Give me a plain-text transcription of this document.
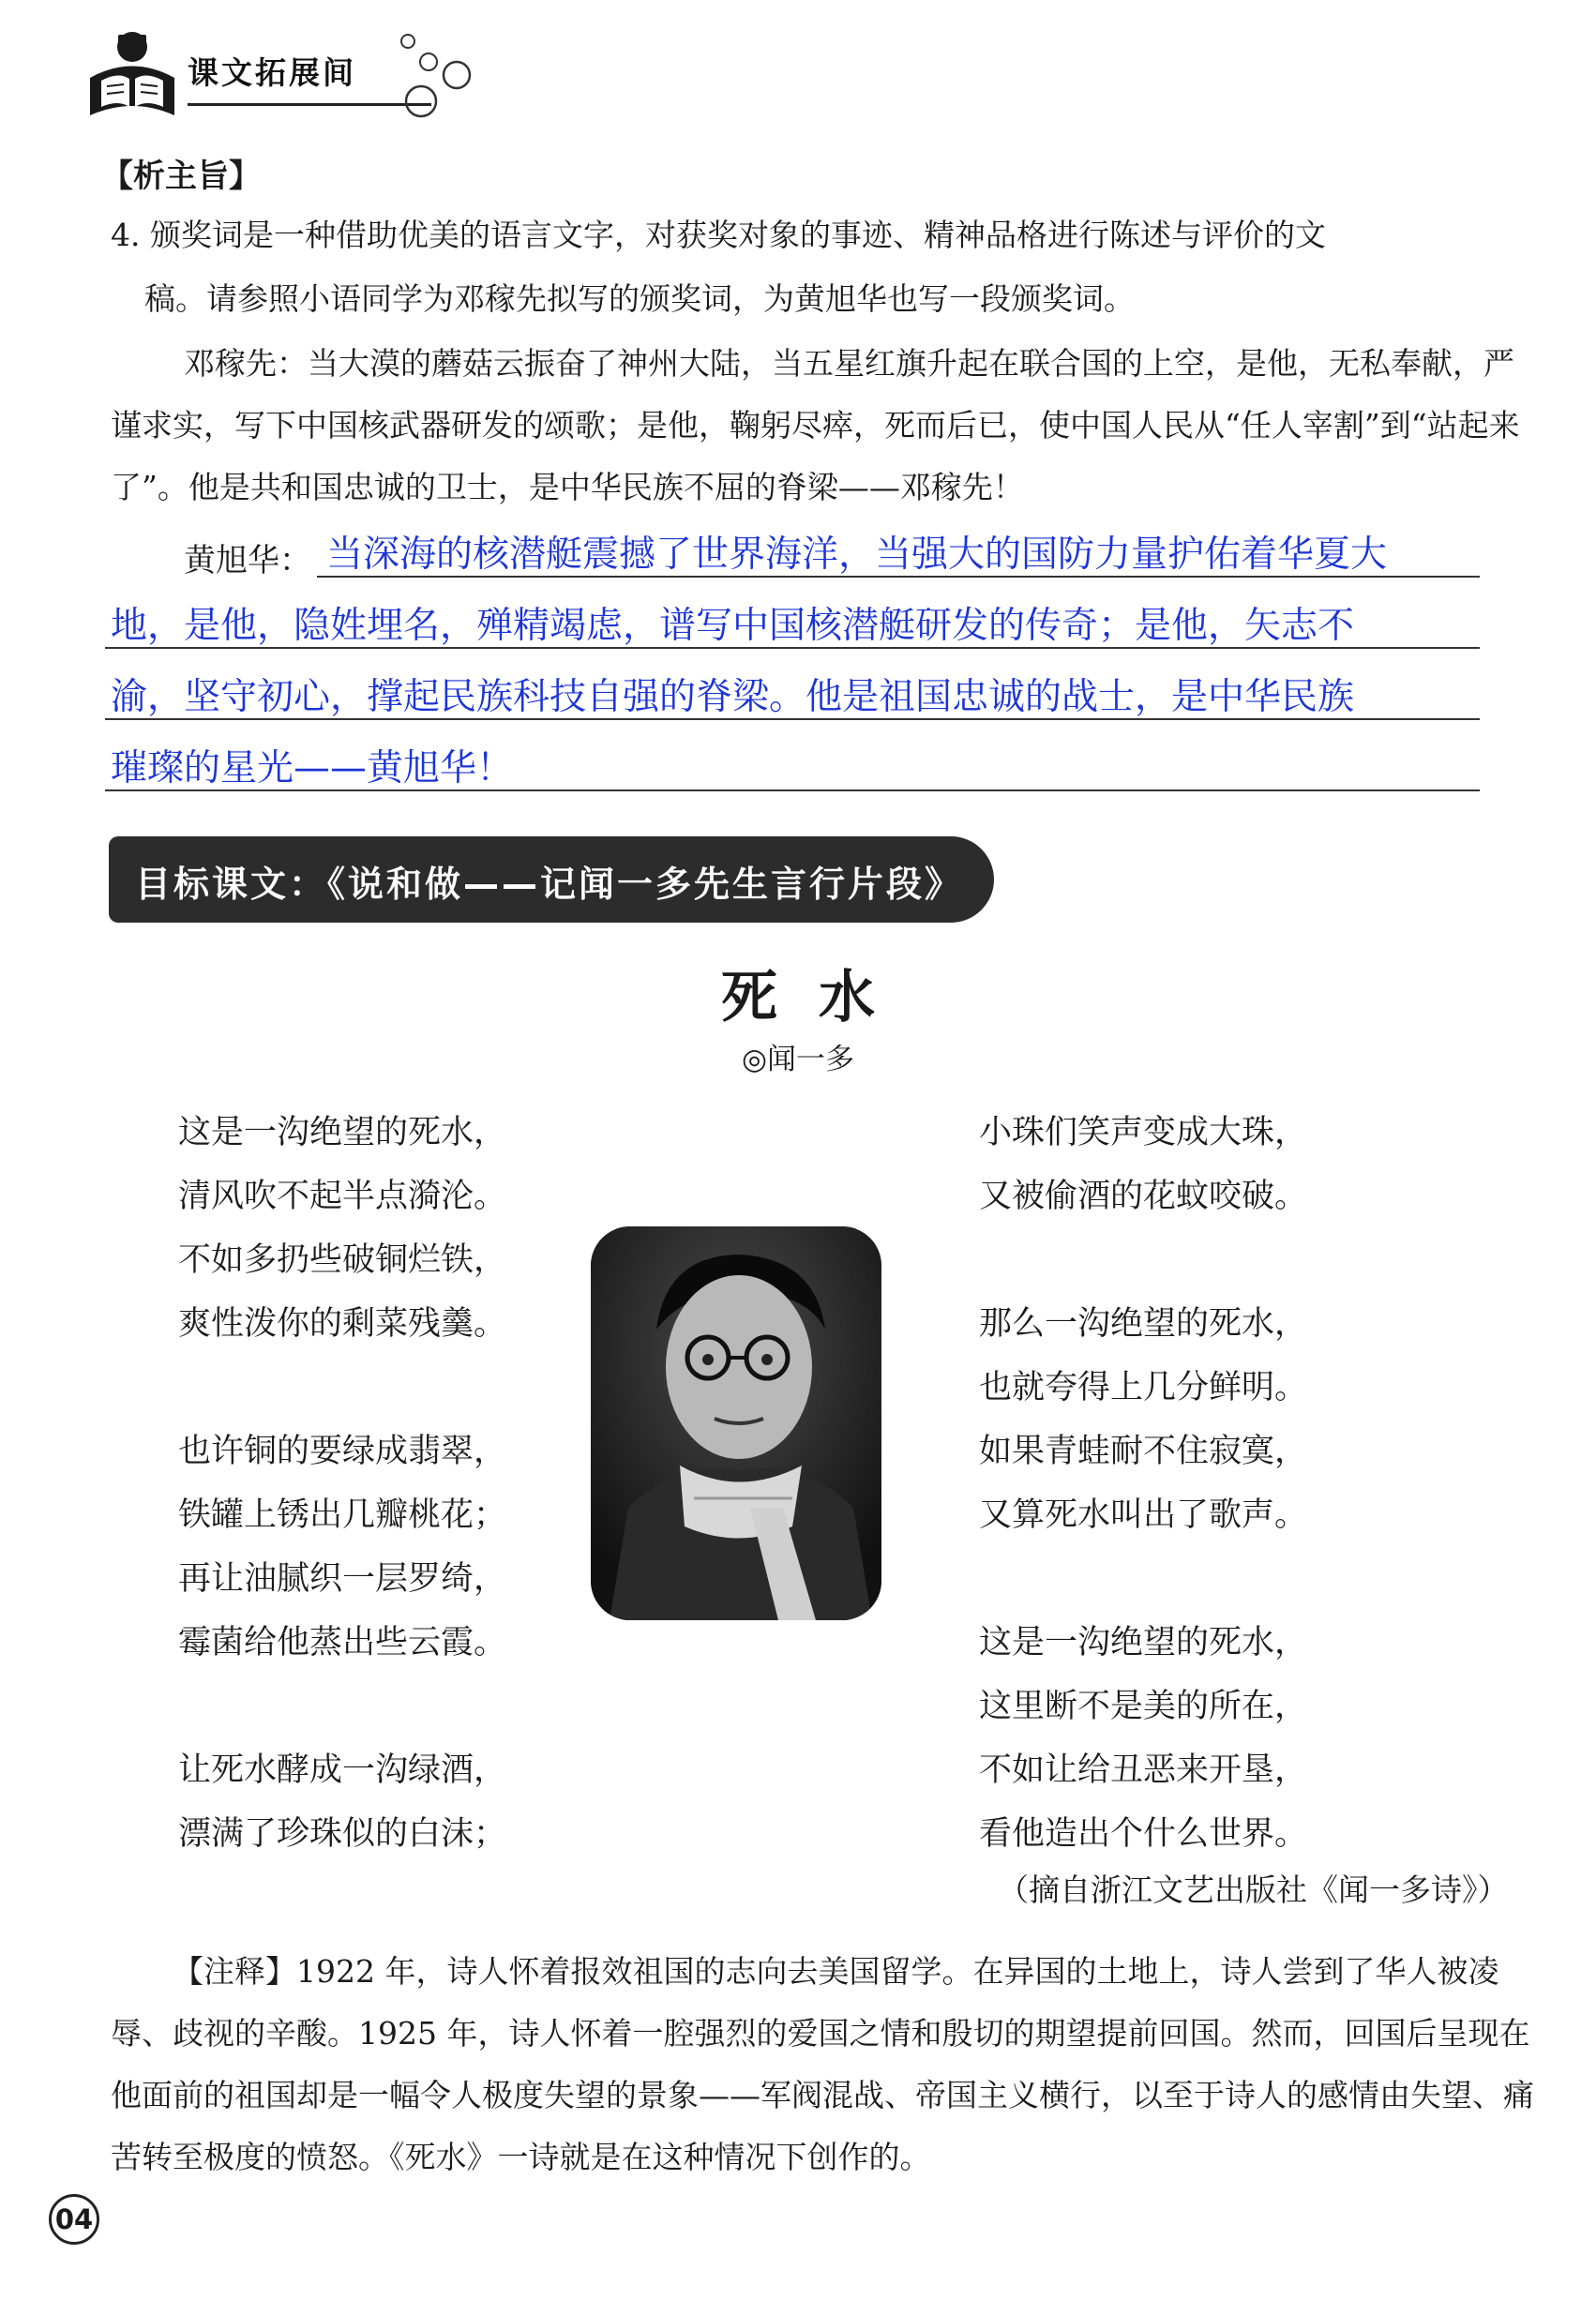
课文拓展间
【析主旨】
4. 颁奖词是一种借助优美的语言文字，对获奖对象的事迹、精神品格进行陈述与评价的文
稿。请参照小语同学为邓稼先拟写的颁奖词，为黄旭华也写一段颁奖词。
邓稼先：当大漠的蘑菇云振奋了神州大陆，当五星红旗升起在联合国的上空，是他，无私奉献，严谨求实，写下中国核武器研发的颂歌；是他，鞠躬尽瘁，死而后已，使中国人民从“任人宰割”到“站起来了”。他是共和国忠诚的卫士，是中华民族不屈的脊梁——邓稼先！
黄旭华： 当深海的核潜艇震撼了世界海洋，当强大的国防力量护佑着华夏大
地，是他，隐姓埋名，殚精竭虑，谱写中国核潜艇研发的传奇；是他，矢志不
渝，坚守初心，撑起民族科技自强的脊梁。他是祖国忠诚的战士，是中华民族
璀璨的星光——黄旭华！
目标课文：《说和做——记闻一多先生言行片段》
死水
◎闻一多
这是一沟绝望的死水，
清风吹不起半点漪沦。
不如多扔些破铜烂铁，
爽性泼你的剩菜残羹。
也许铜的要绿成翡翠，
铁罐上锈出几瓣桃花；
再让油腻织一层罗绮，
霉菌给他蒸出些云霞。
让死水酵成一沟绿酒，
漂满了珍珠似的白沫；
小珠们笑声变成大珠，
又被偷酒的花蚊咬破。
那么一沟绝望的死水，
也就夸得上几分鲜明。
如果青蛙耐不住寂寞，
又算死水叫出了歌声。
这是一沟绝望的死水，
这里断不是美的所在，
不如让给丑恶来开垦，
看他造出个什么世界。
（摘自浙江文艺出版社《闻一多诗》）
【注释】1922 年，诗人怀着报效祖国的志向去美国留学。在异国的土地上，诗人尝到了华人被凌辱、歧视的辛酸。1925 年，诗人怀着一腔强烈的爱国之情和殷切的期望提前回国。然而，回国后呈现在他面前的祖国却是一幅令人极度失望的景象——军阀混战、帝国主义横行，以至于诗人的感情由失望、痛苦转至极度的愤怒。《死水》一诗就是在这种情况下创作的。
04
